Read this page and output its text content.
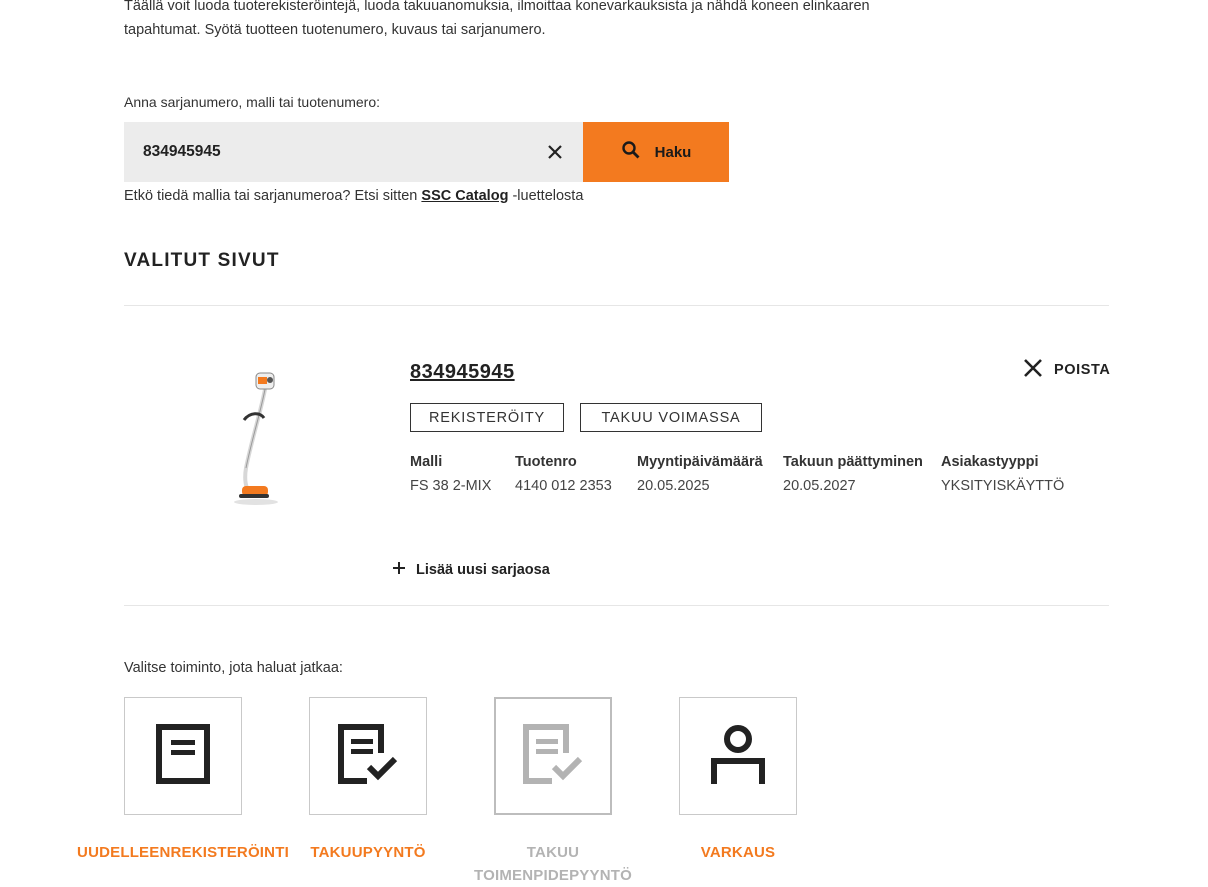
Täällä voit luoda tuoterekisteröintejä, luoda takuuanomuksia, ilmoittaa konevarkauksista ja nähdä koneen elinkaaren
tapahtumat. Syötä tuotteen tuotenumero, kuvaus tai sarjanumero.
Anna sarjanumero, malli tai tuotenumero:
834945945
Haku
Etkö tiedä mallia tai sarjanumeroa? Etsi sitten SSC Catalog -luettelosta
VALITUT SIVUT
834945945
REKISTERÖITY	TAKUU VOIMASSA
POISTA
Malli
FS 38 2-MIX
Tuotenro
4140 012 2353
Myyntipäivämäärä
20.05.2025
Takuun päättyminen
20.05.2027
Asiakastyyppi
YKSITYISKÄYTTÖ
Lisää uusi sarjaosa
Valitse toiminto, jota haluat jatkaa:
UUDELLEENREKISTERÖINTI	TAKUUPYYNTÖ	TAKUU
TOIMENPIDEPYYNTÖ
VARKAUS
